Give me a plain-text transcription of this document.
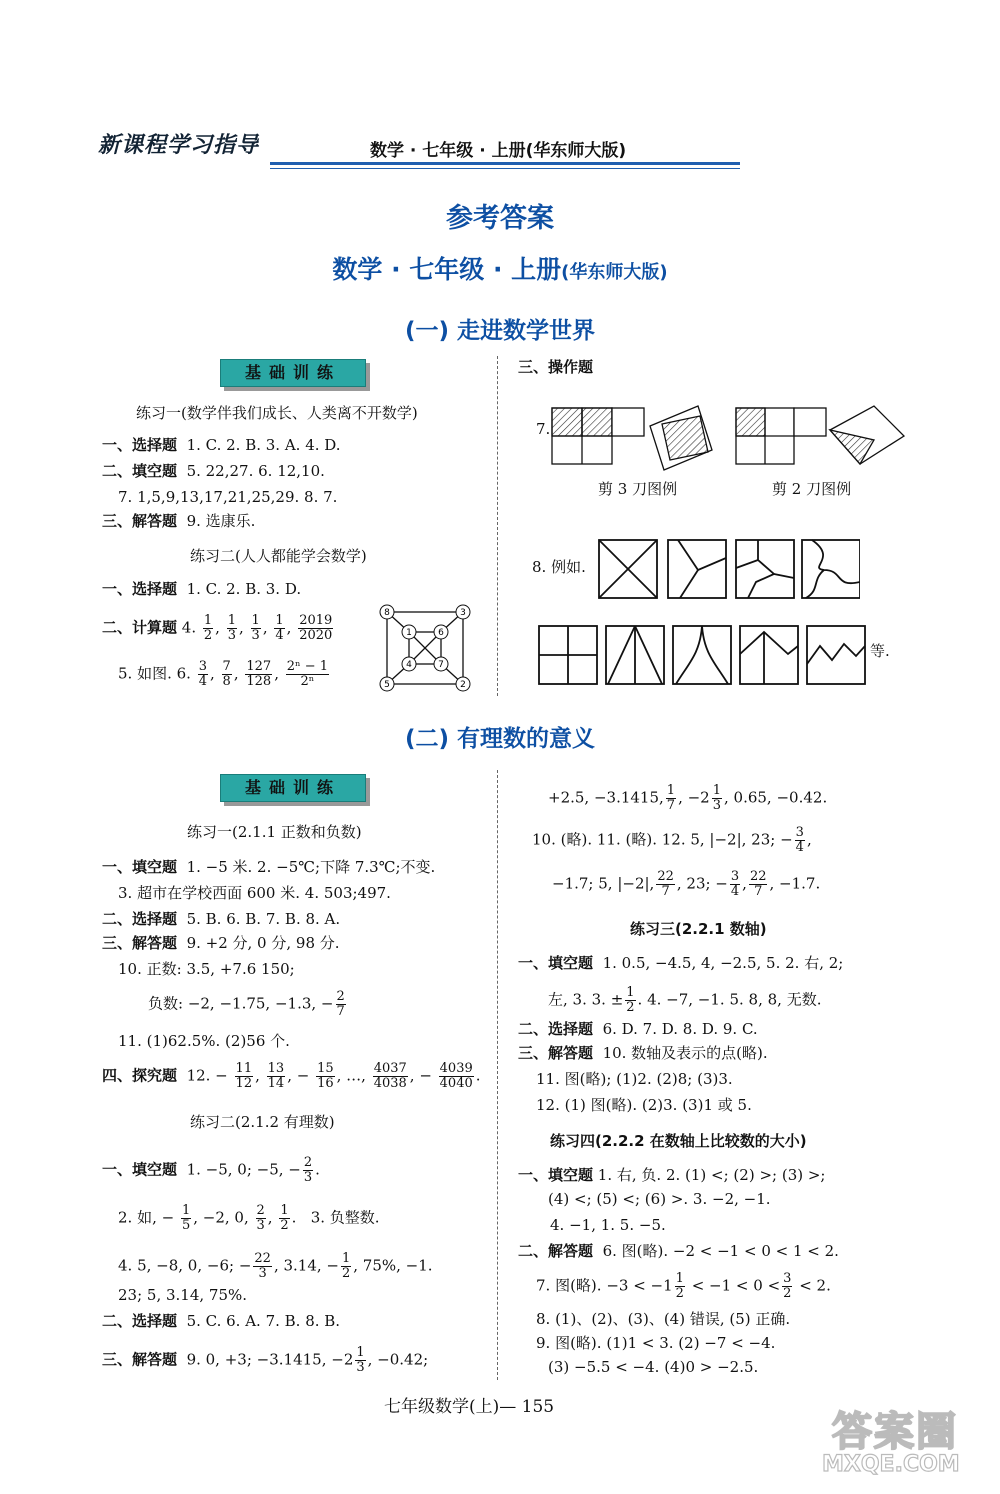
新课程学习指导	数学 · 七年级 · 上册(华东师大版)
参考答案
数学 · 七年级 · 上册(华东师大版)
(一) 走进数学世界
基础训练
练习一(数学伴我们成长、人类离不开数学)
一、选择题 1. C. 2. B. 3. A. 4. D.
二、填空题 5. 22,27. 6. 12,10.
7. 1,5,9,13,17,21,25,29. 8. 7.
三、解答题 9. 选康乐.
练习二(人人都能学会数学)
一、选择题 1. C. 2. B. 3. D.
二、计算题 4. $\frac{1}{2}$ , $\frac{1}{3}$ , $\frac{1}{3}$ , $\frac{1}{4}$ , $\frac{2019}{2020}$
5. 如图. 6. $\frac{3}{4}$ , $\frac{7}{8}$ , $\frac{127}{128}$ , $\frac{\text{2ⁿ − 1}}{\text{2ⁿ}}$
8	3
1	6
4	7
5	2
三、操作题
7.
剪 3 刀图例	剪 2 刀图例
8. 例如.
等.
(二) 有理数的意义
基础训练
练习一(2.1.1 正数和负数)
一、填空题 1. −5 米. 2. −5℃;下降 7.3℃;不变.
3. 超市在学校西面 600 米. 4. 503;497.
二、选择题 5. B. 6. B. 7. B. 8. A.
三、解答题 9. +2 分, 0 分, 98 分.
10. 正数: 3.5, +7.6 150;
负数: −2, −1.75, −1.3, − $\frac{2}{7}$
11. (1)62.5%. (2)56 个.
四、探究题 12. − $\frac{11}{12}$ , $\frac{13}{14}$ , − $\frac{15}{16}$ , …, $\frac{4037}{4038}$ , − $\frac{4039}{4040}$ .
练习二(2.1.2 有理数)
一、填空题 1. −5, 0; −5, − $\frac{2}{3}$ .
2. 如, − $\frac{1}{5}$ , −2, 0, $\frac{2}{3}$ , $\frac{1}{2}$ .   3. 负整数.
4. 5, −8, 0, −6; − $\frac{22}{3}$ , 3.14, − $\frac{1}{2}$ , 75%, −1.
23; 5, 3.14, 75%.
二、选择题 5. C. 6. A. 7. B. 8. B.
三、解答题 9. 0, +3; −3.1415, $-2 \frac{1}{3}$ , −0.42;
+2.5, −3.1415, $\frac{1}{7}$ , $-2 \frac{1}{3}$ , 0.65, −0.42.
10. (略). 11. (略). 12. 5, |−2|, 23; − $\frac{3}{4}$ ,
−1.7; 5, |−2|, $\frac{22}{7}$ , 23; − $\frac{3}{4}$ , $\frac{22}{7}$ , −1.7.
练习三(2.2.1 数轴)
一、填空题 1. 0.5, −4.5, 4, −2.5, 5. 2. 右, 2;
左, 3. 3. ± $\frac{1}{2}$ . 4. −7, −1. 5. 8, 8, 无数.
二、选择题 6. D. 7. D. 8. D. 9. C.
三、解答题 10. 数轴及表示的点(略).
11. 图(略); (1)2. (2)8; (3)3.
12. (1) 图(略). (2)3. (3)1 或 5.
练习四(2.2.2 在数轴上比较数的大小)
一、填空题 1. 右, 负. 2. (1) <; (2) >; (3) >;
(4) <; (5) <; (6) >. 3. −2, −1.
4. −1, 1. 5. −5.
二、解答题 6. 图(略). −2 < −1 < 0 < 1 < 2.
7. 图(略). $-3 < -1 \frac{1}{2} < -1 < 0 < \frac{3}{2} < 2$.
8. (1)、(2)、(3)、(4) 错误, (5) 正确.
9. 图(略). (1)1 < 3. (2) −7 < −4.
(3) −5.5 < −4. (4)0 > −2.5.
七年级数学(上)— 155
答案圈
MXQE.COM
